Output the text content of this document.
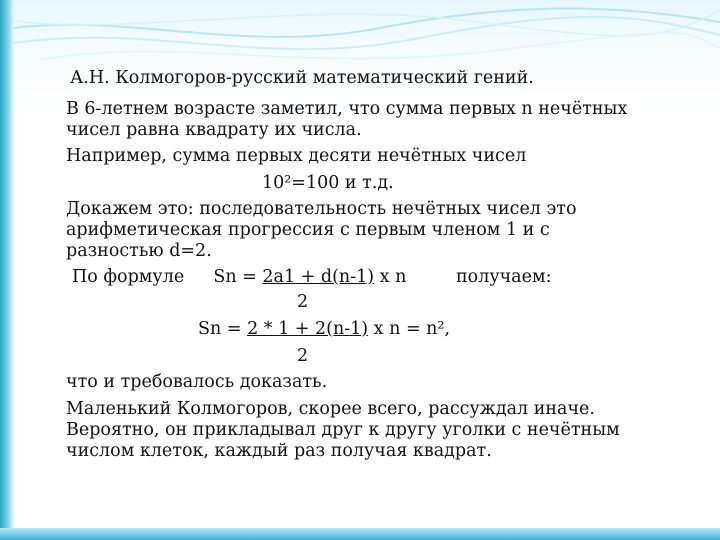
А.Н. Колмогоров-русский математический гений.
В 6-летнем возрасте заметил, что сумма первых n нечётных
чисел равна квадрату их числа.
Например, сумма первых десяти нечётных чисел
10²=100 и т.д.
Докажем это: последовательность нечётных чисел это
арифметическая прогрессия с первым членом 1 и с
разностью d=2.
По формуле Sn = 2a1 + d(n-1) x n	получаем:
2
Sn = 2 * 1 + 2(n-1) x n = n²,
2
что и требовалось доказать.
Маленький Колмогоров, скорее всего, рассуждал иначе.
Вероятно, он прикладывал друг к другу уголки с нечётным
числом клеток, каждый раз получая квадрат.
